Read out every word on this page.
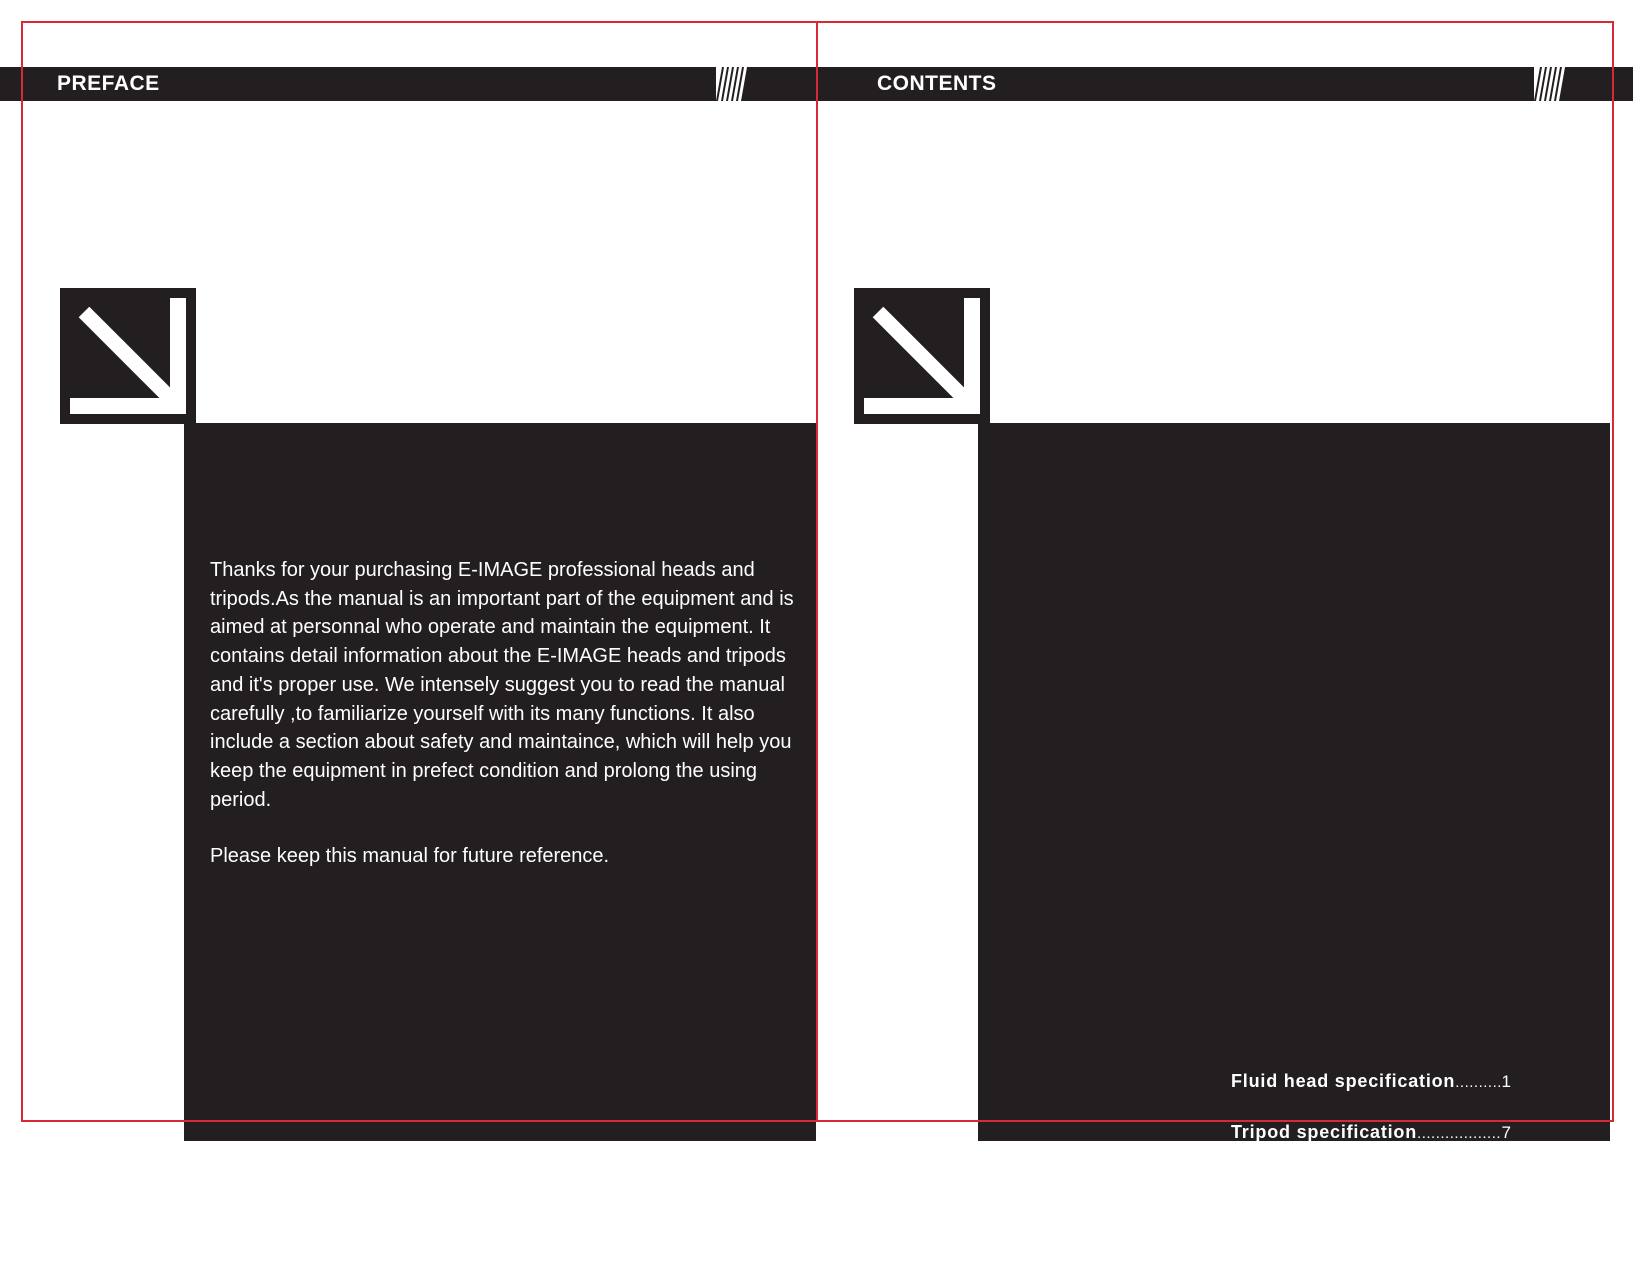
PREFACE

Thanks for your purchasing E-IMAGE professional heads and tripods.As the manual is an important part of the equipment and is aimed at personnal who operate and maintain the equipment. It contains detail information about the E-IMAGE heads and tripods and it's proper use. We intensely suggest you to read the manual carefully ,to familiarize yourself with its many functions. It also include a section about safety and maintaince, which will help you keep the equipment in prefect condition and prolong the using period.

Please keep this manual for future reference.

CONTENTS
Fluid head specification .....	1
Tripod specification .....	7
Maintenance .....	15
Notice & Warning .....	16
